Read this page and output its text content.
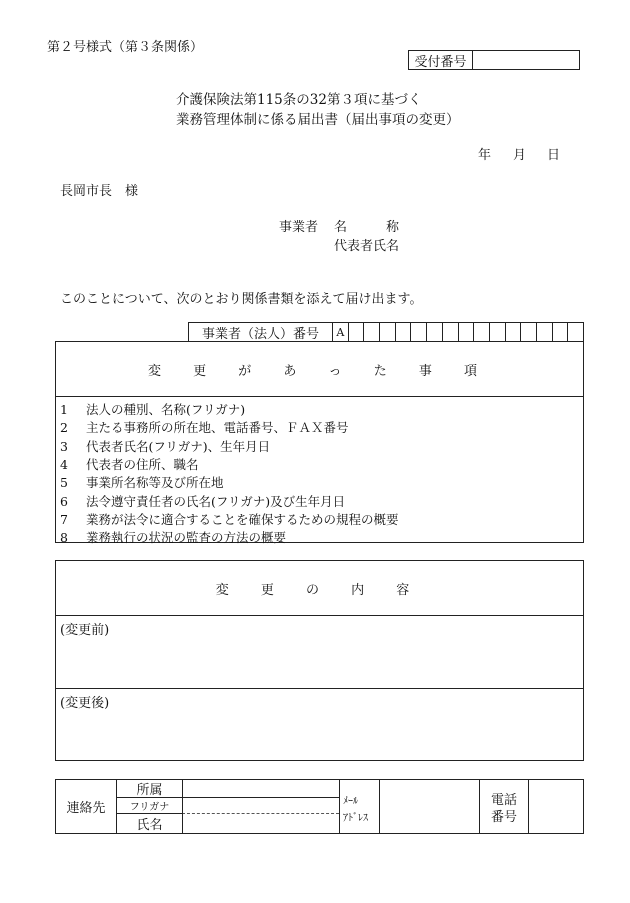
第２号様式（第３条関係）
受付番号
介護保険法第115条の32第３項に基づく
業務管理体制に係る届出書（届出事項の変更）
年 月 日
長岡市長　様
事業者 名　　　称
代表者氏名
このことについて、次のとおり関係書類を添えて届け出ます。
事業者（法人）番号	A
変 更 が あ っ た 事 項
1 法人の種別、名称(フリガナ)
2 主たる事務所の所在地、電話番号、ＦＡＸ番号
3 代表者氏名(フリガナ)、生年月日
4 代表者の住所、職名
5 事業所名称等及び所在地
6 法令遵守責任者の氏名(フリガナ)及び生年月日
7 業務が法令に適合することを確保するための規程の概要
8 業務執行の状況の監査の方法の概要
変 更 の 内 容
(変更前)
(変更後)
連絡先
所属
フリガナ
氏名
ﾒｰﾙ
ｱﾄﾞﾚｽ
電話
番号
